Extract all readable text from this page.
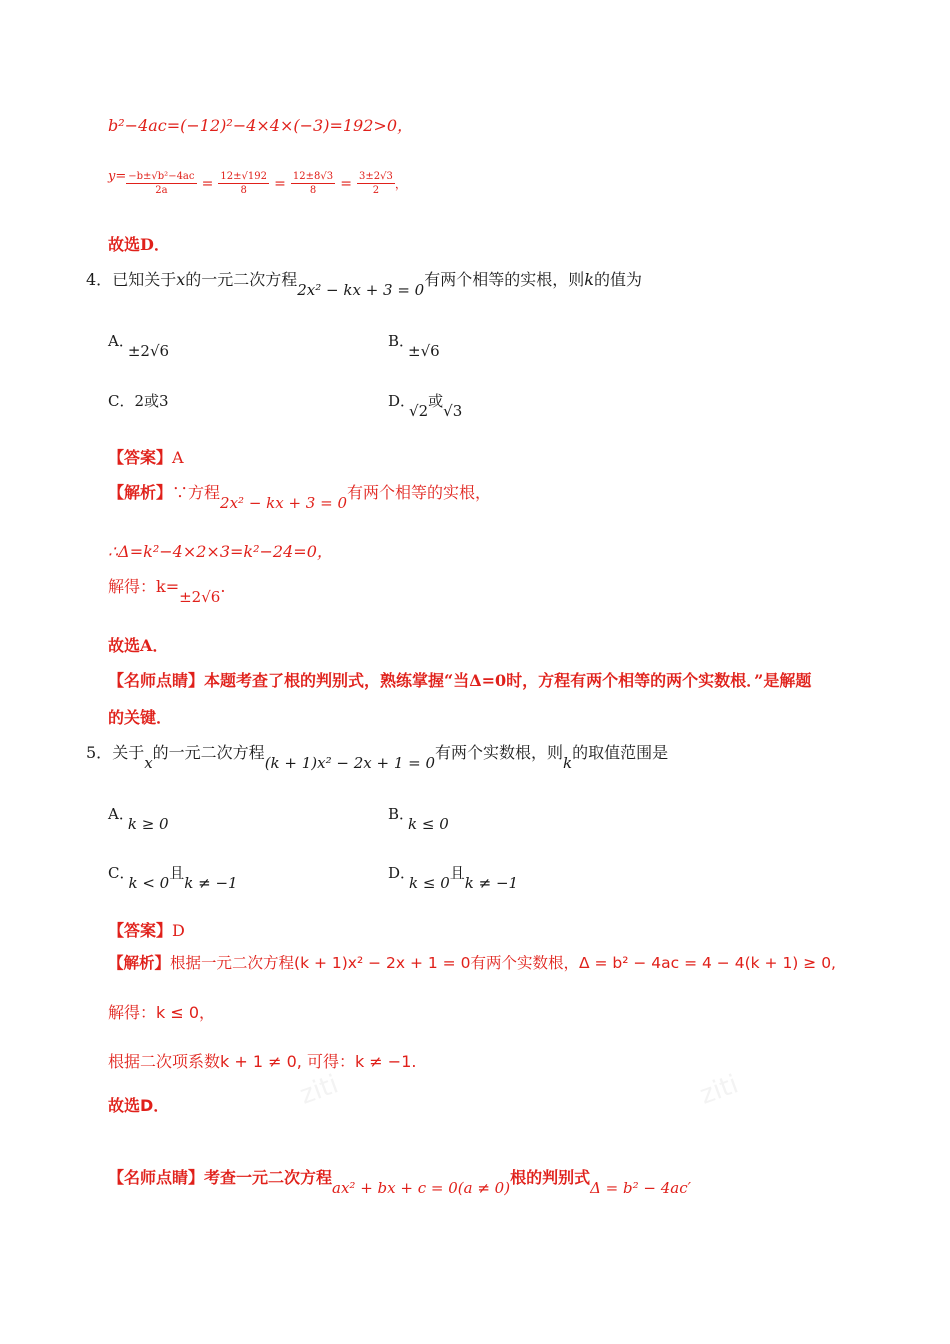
ziti	ziti
b²−4ac=(−12)²−4×4×(−3)=192>0，
$^{y=} \frac{\text{−b±√b²−4ac}}{2a} = \frac{12\pm√192}{8} = \frac{12\pm 8√3}{8} = \frac{3\pm 2√3}{2}$ ，
故选D．
4．已知关于x的一元二次方程2x² − kx + 3 = 0有两个相等的实根，则k的值为
A．±2√6
B．±√6
C．2或3	D．√2或√3
【答案】A
【解析】∵方程2x² − kx + 3 = 0有两个相等的实根，
∴Δ=k²−4×2×3=k²−24=0，
解得：k=±2√6.
故选A．
【名师点睛】本题考查了根的判别式，熟练掌握“当Δ=0时，方程有两个相等的两个实数根．”是解题
的关键．
5．关于x的一元二次方程(k + 1)x² − 2x + 1 = 0有两个实数根，则k的取值范围是
A．k ≥ 0
B．k ≤ 0
C．k < 0且k ≠ −1
D．k ≤ 0且k ≠ −1
【答案】D
【解析】根据一元二次方程(k + 1)x² − 2x + 1 = 0有两个实数根，Δ = b² − 4ac = 4 − 4(k + 1) ≥ 0,
解得：k ≤ 0，
根据二次项系数k + 1 ≠ 0, 可得：k ≠ −1.
故选D．
【名师点睛】考查一元二次方程ax² + bx + c = 0(a ≠ 0)根的判别式Δ = b² − 4ac′
